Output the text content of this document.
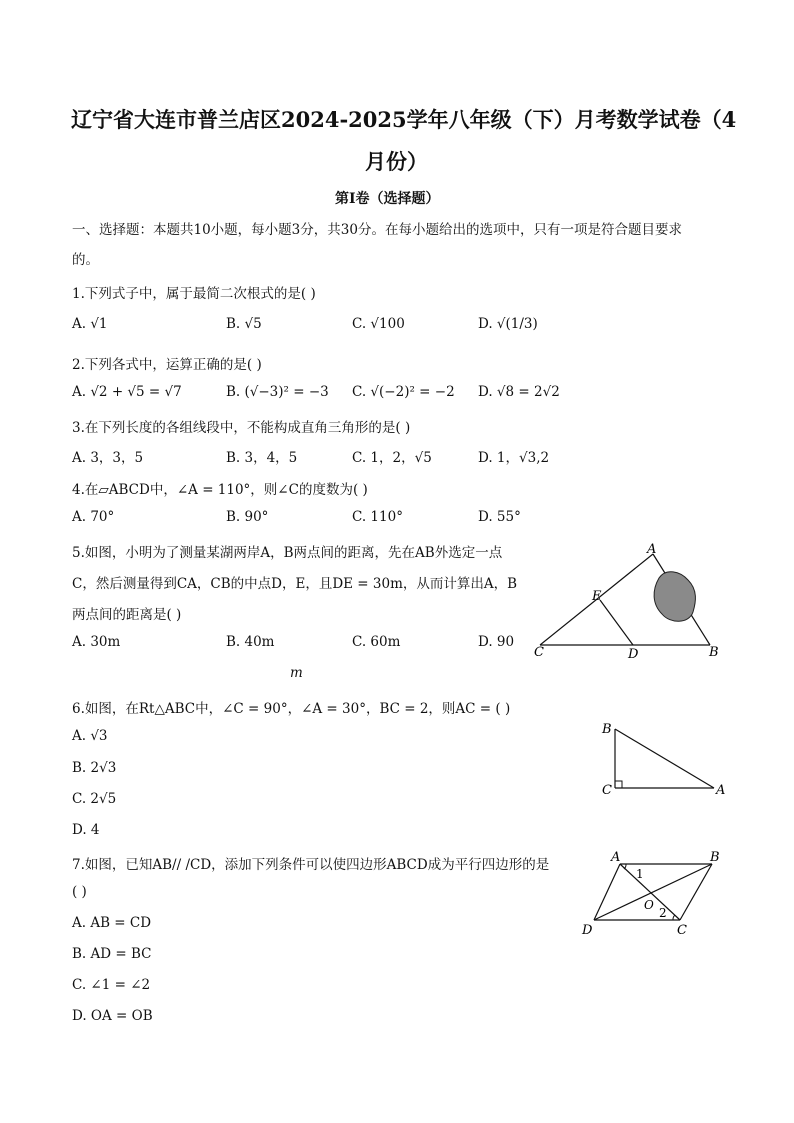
辽宁省大连市普兰店区2024-2025学年八年级（下）月考数学试卷（4
月份）
第I卷（选择题）
一、选择题：本题共10小题，每小题3分，共30分。在每小题给出的选项中，只有一项是符合题目要求
的。
1.下列式子中，属于最简二次根式的是( )
A. √1	B. √5	C. √100	D. √(1/3)
2.下列各式中，运算正确的是( )
A. √2 + √5 = √7	B. (√−3)² = −3 C. √(−2)² = −2 D. √8 = 2√2
3.在下列长度的各组线段中，不能构成直角三角形的是( )
A. 3，3，5	B. 3，4，5	C. 1，2，√5	D. 1，√3,2
4.在▱ABCD中，∠A = 110°，则∠C的度数为( )
A. 70°	B. 90°	C. 110°	D. 55°
5.如图，小明为了测量某湖两岸A，B两点间的距离，先在AB外选定一点
C，然后测量得到CA，CB的中点D，E，且DE = 30m，从而计算出A，B
两点间的距离是( )
A. 30m	B. 40m	C. 60m	D. 90
m
A
E
C	D	B
6.如图，在Rt△ABC中，∠C = 90°，∠A = 30°，BC = 2，则AC = ( )
A. √3
B. 2√3
C. 2√5
D. 4
B
C	A
7.如图，已知AB// /CD，添加下列条件可以使四边形ABCD成为平行四边形的是
( )
A. AB = CD
B. AD = BC
C. ∠1 = ∠2
D. OA = OB
A	B
1
O
2
D	C
